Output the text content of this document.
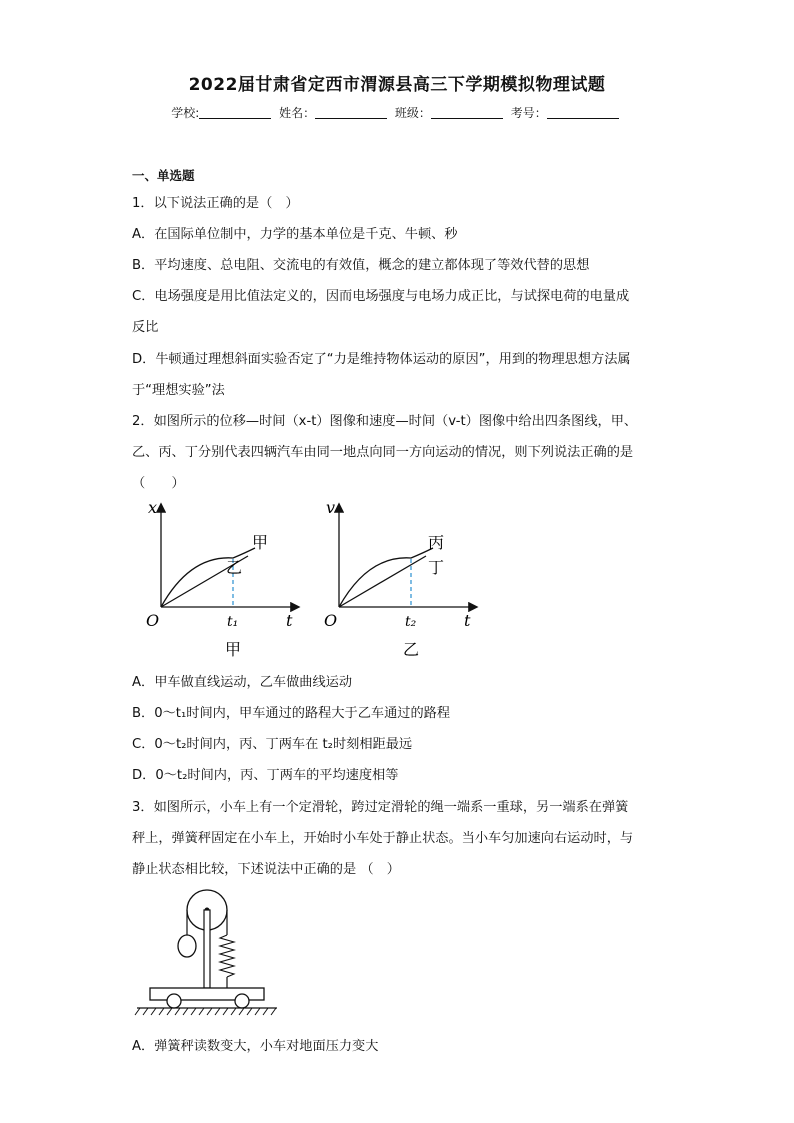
2022届甘肃省定西市渭源县高三下学期模拟物理试题
学校:	姓名：	班级：	考号：
一、单选题
1．以下说法正确的是（　）
A．在国际单位制中，力学的基本单位是千克、牛顿、秒
B．平均速度、总电阻、交流电的有效值，概念的建立都体现了等效代替的思想
C．电场强度是用比值法定义的，因而电场强度与电场力成正比，与试探电荷的电量成
反比
D．牛顿通过理想斜面实验否定了“力是维持物体运动的原因”，用到的物理思想方法属
于“理想实验”法
2．如图所示的位移—时间（x-t）图像和速度—时间（v-t）图像中给出四条图线，甲、
乙、丙、丁分别代表四辆汽车由同一地点向同一方向运动的情况，则下列说法正确的是
（　　）
x
t
O	t₁
甲
乙
甲
v
t
O	t₂
丙
丁
乙
A．甲车做直线运动，乙车做曲线运动
B．0～t₁时间内，甲车通过的路程大于乙车通过的路程
C．0～t₂时间内，丙、丁两车在 t₂时刻相距最远
D．0～t₂时间内，丙、丁两车的平均速度相等
3．如图所示，小车上有一个定滑轮，跨过定滑轮的绳一端系一重球，另一端系在弹簧
秤上，弹簧秤固定在小车上，开始时小车处于静止状态。当小车匀加速向右运动时，与
静止状态相比较，下述说法中正确的是 （　）
A．弹簧秤读数变大，小车对地面压力变大
